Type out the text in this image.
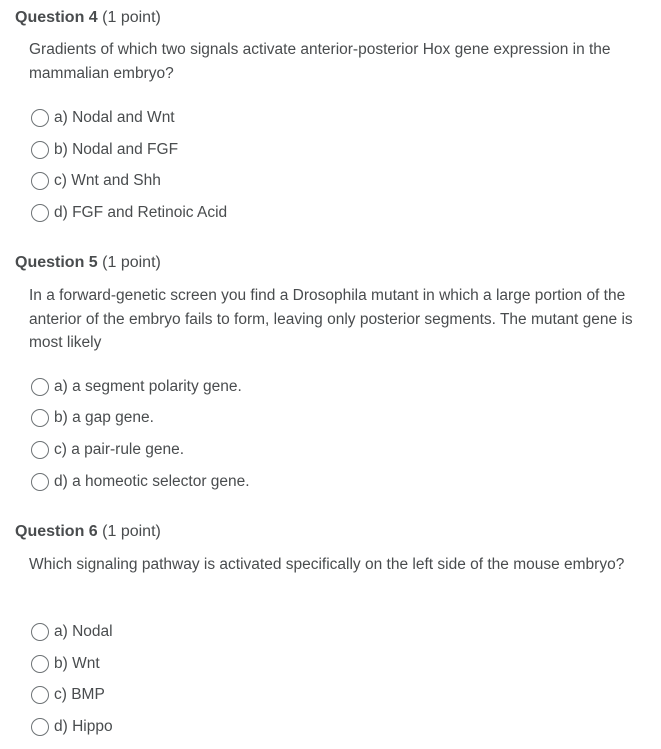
Question 4 (1 point)
Gradients of which two signals activate anterior-posterior Hox gene expression in the mammalian embryo?
a) Nodal and Wnt
b) Nodal and FGF
c) Wnt and Shh
d) FGF and Retinoic Acid
Question 5 (1 point)
In a forward-genetic screen you find a Drosophila mutant in which a large portion of the anterior of the embryo fails to form, leaving only posterior segments. The mutant gene is most likely
a) a segment polarity gene.
b) a gap gene.
c) a pair-rule gene.
d) a homeotic selector gene.
Question 6 (1 point)
Which signaling pathway is activated specifically on the left side of the mouse embryo?
a) Nodal
b) Wnt
c) BMP
d) Hippo
